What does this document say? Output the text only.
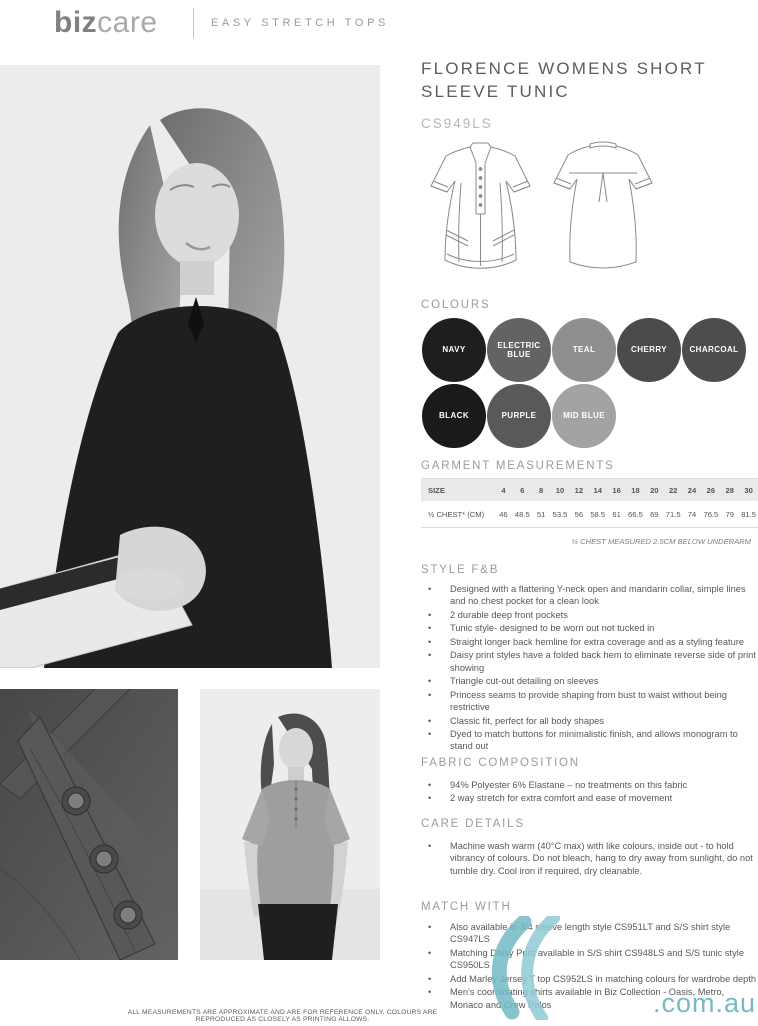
bizcare	EASY STRETCH TOPS
FLORENCE WOMENS SHORT SLEEVE TUNIC
CS949LS
COLOURS
NAVY
ELECTRIC BLUE
TEAL	CHERRY	CHARCOAL
BLACK	PURPLE	MID BLUE
GARMENT MEASUREMENTS
SIZE	4	6	8	10	12	14	16	18	20	22	24	26	28	30
½ CHEST* (CM)	46 48.5 51 53.5 56 58.5 61 66.5 69 71.5 74 76.5 79 81.5
½ CHEST MEASURED 2.5CM BELOW UNDERARM
STYLE F&B
• Designed with a flattering Y-neck open and mandarin collar, simple lines and no chest pocket for a clean look
• 2 durable deep front pockets
• Tunic style- designed to be worn out not tucked in
• Straight longer back hemline for extra coverage and as a styling feature
• Daisy print styles have a folded back hem to eliminate reverse side of print showing
• Triangle cut-out detailing on sleeves
• Princess seams to provide shaping from bust to waist without being restrictive
• Classic fit, perfect for all body shapes
• Dyed to match buttons for minimalistic finish, and allows monogram to stand out
FABRIC COMPOSITION
• 94% Polyester 6% Elastane – no treatments on this fabric
• 2 way stretch for extra comfort and ease of movement
CARE DETAILS
• Machine wash warm (40°C max) with like colours, inside out - to hold vibrancy of colours. Do not bleach, hang to dry away from sunlight, do not tumble dry. Cool iron if required, dry cleanable.
MATCH WITH
• Also available in 3/4 sleeve length style CS951LT and S/S shirt style CS947LS
• Matching Daisy Print available in S/S shirt CS948LS and S/S tunic style CS950LS
• Add Marley Jersey T top CS952LS in matching colours for wardrobe depth
• Men's coordinating shirts available in Biz Collection - Oasis, Metro, Monaco and Crew Polos	.com.au
ALL MEASUREMENTS ARE APPROXIMATE AND ARE FOR REFERENCE ONLY. COLOURS ARE REPRODUCED AS CLOSELY AS PRINTING ALLOWS.
